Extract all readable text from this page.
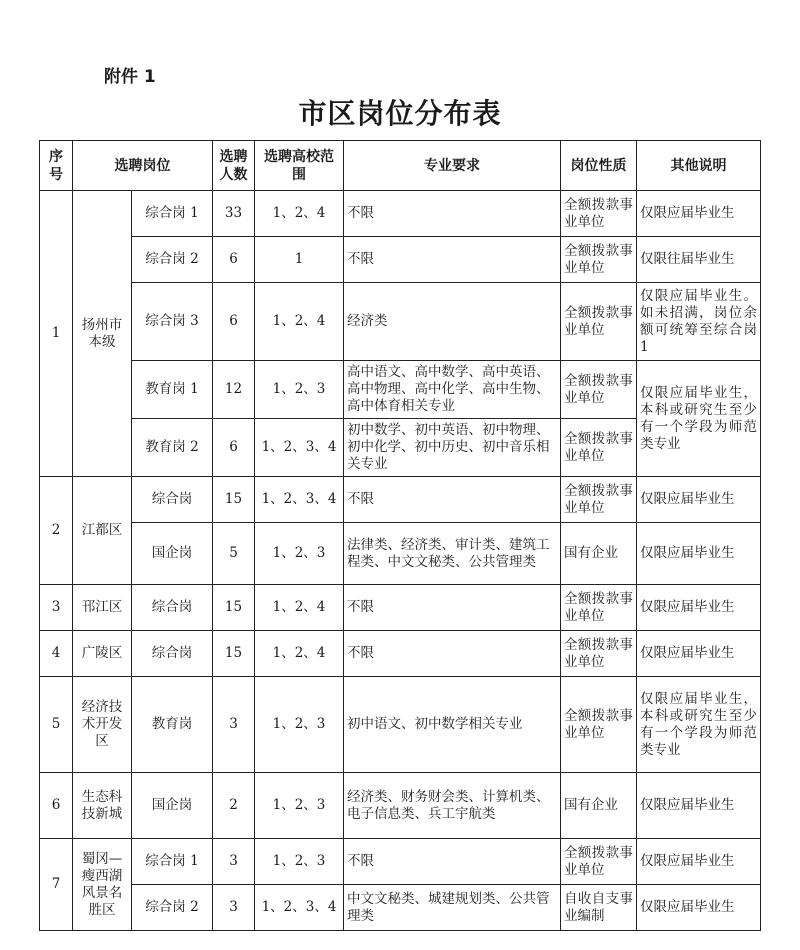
附件 1
市区岗位分布表
序号	选聘岗位		选聘人数	选聘高校范围	专业要求	岗位性质	其他说明
1	扬州市本级	综合岗 1	33	1、2、4	不限	全额拨款事业单位	仅限应届毕业生
		综合岗 2	6	1	不限	全额拨款事业单位	仅限往届毕业生
		综合岗 3	6	1、2、4	经济类	全额拨款事业单位	仅限应届毕业生。如未招满，岗位余额可统筹至综合岗 1
		教育岗 1	12	1、2、3	高中语文、高中数学、高中英语、高中物理、高中化学、高中生物、高中体育相关专业	全额拨款事业单位	仅限应届毕业生，本科或研究生至少有一个学段为师范类专业
		教育岗 2	6	1、2、3、4	初中数学、初中英语、初中物理、初中化学、初中历史、初中音乐相关专业	全额拨款事业单位	
2	江都区	综合岗	15	1、2、3、4	不限	全额拨款事业单位	仅限应届毕业生
		国企岗	5	1、2、3	法律类、经济类、审计类、建筑工程类、中文文秘类、公共管理类	国有企业	仅限应届毕业生
3	邗江区	综合岗	15	1、2、4	不限	全额拨款事业单位	仅限应届毕业生
4	广陵区	综合岗	15	1、2、4	不限	全额拨款事业单位	仅限应届毕业生
5	经济技术开发区	教育岗	3	1、2、3	初中语文、初中数学相关专业	全额拨款事业单位	仅限应届毕业生，本科或研究生至少有一个学段为师范类专业
6	生态科技新城	国企岗	2	1、2、3	经济类、财务财会类、计算机类、电子信息类、兵工宇航类	国有企业	仅限应届毕业生
7	蜀冈—瘦西湖风景名胜区	综合岗 1	3	1、2、3	不限	全额拨款事业单位	仅限应届毕业生
		综合岗 2	3	1、2、3、4	中文文秘类、城建规划类、公共管理类	自收自支事业编制	仅限应届毕业生
